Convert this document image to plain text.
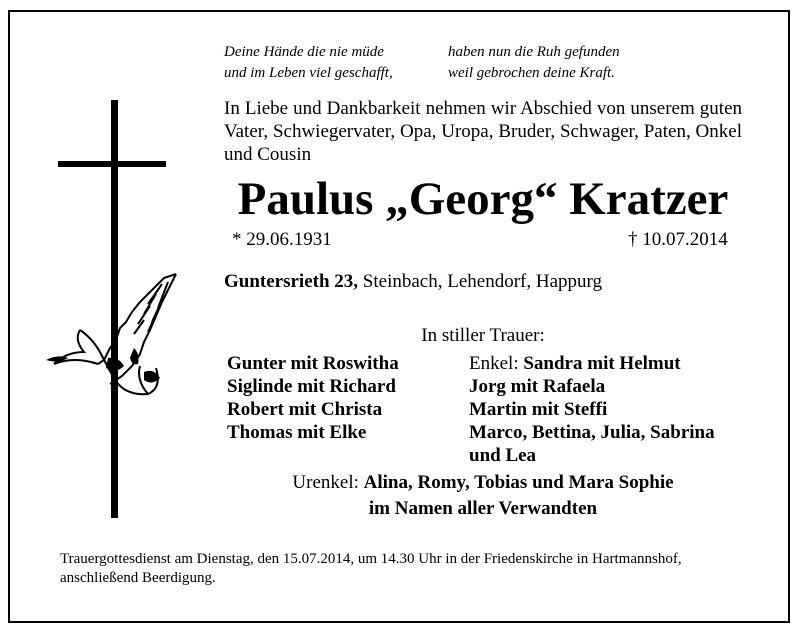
Deine Hände die nie müde
und im Leben viel geschafft,
haben nun die Ruh gefunden
weil gebrochen deine Kraft.
In Liebe und Dankbarkeit nehmen wir Abschied von unserem guten Vater, Schwiegervater, Opa, Uropa, Bruder, Schwager, Paten, Onkel und Cousin
Paulus „Georg“ Kratzer
* 29.06.1931	† 10.07.2014
Guntersrieth 23, Steinbach, Lehendorf, Happurg
In stiller Trauer:
Gunter mit Roswitha
Siglinde mit Richard
Robert mit Christa
Thomas mit Elke
Enkel: Sandra mit Helmut
Jorg mit Rafaela
Martin mit Steffi
Marco, Bettina, Julia, Sabrina
und Lea
Urenkel: Alina, Romy, Tobias und Mara Sophie
im Namen aller Verwandten
Trauergottesdienst am Dienstag, den 15.07.2014, um 14.30 Uhr in der Friedenskirche in Hartmannshof, anschließend Beerdigung.
